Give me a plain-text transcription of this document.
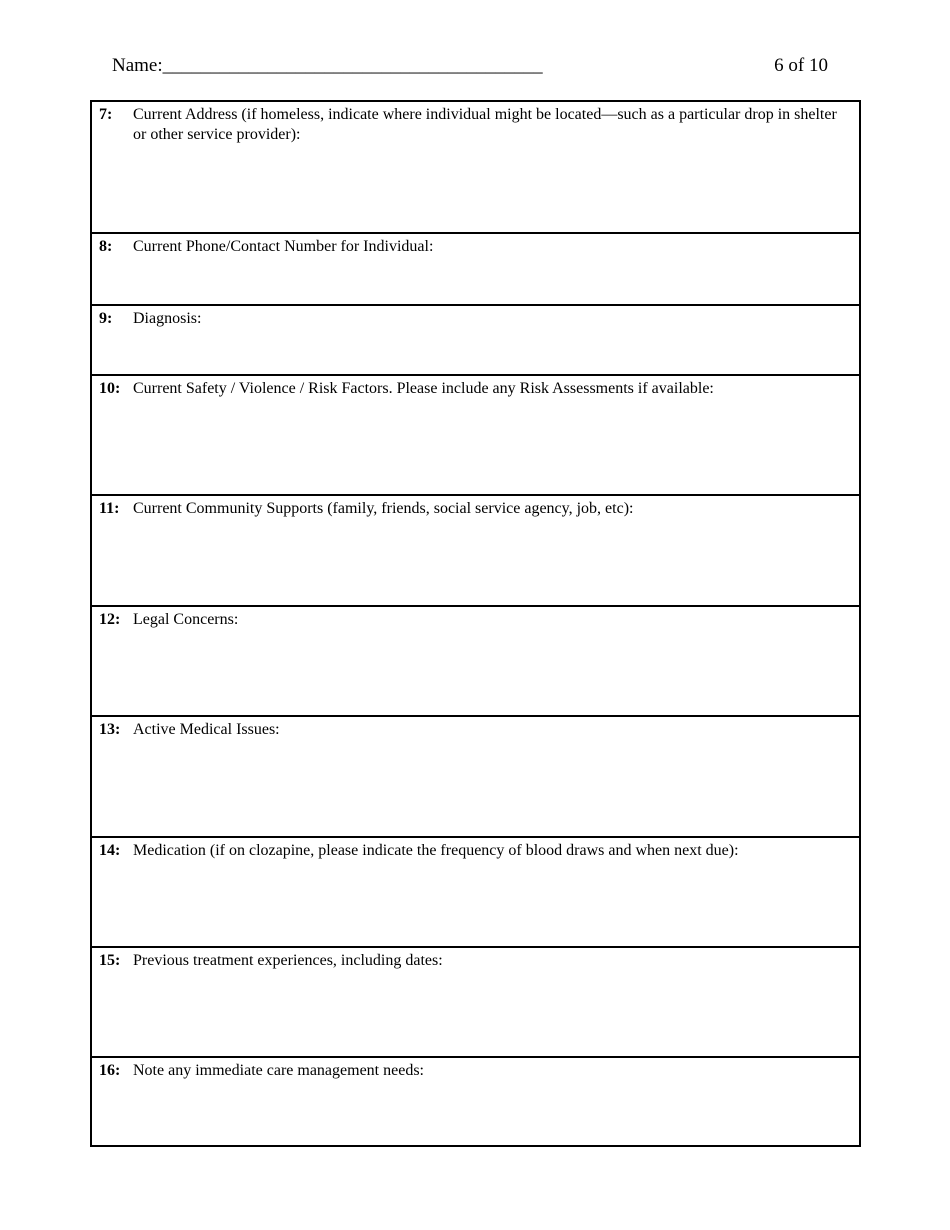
Name:________________________________________	6 of 10
7: Current Address (if homeless, indicate where individual might be located—such as a particular drop in shelter or other service provider):
8: Current Phone/Contact Number for Individual:
9: Diagnosis:
10: Current Safety / Violence / Risk Factors. Please include any Risk Assessments if available:
11: Current Community Supports (family, friends, social service agency, job, etc):
12: Legal Concerns:
13: Active Medical Issues:
14: Medication (if on clozapine, please indicate the frequency of blood draws and when next due):
15: Previous treatment experiences, including dates:
16: Note any immediate care management needs:
